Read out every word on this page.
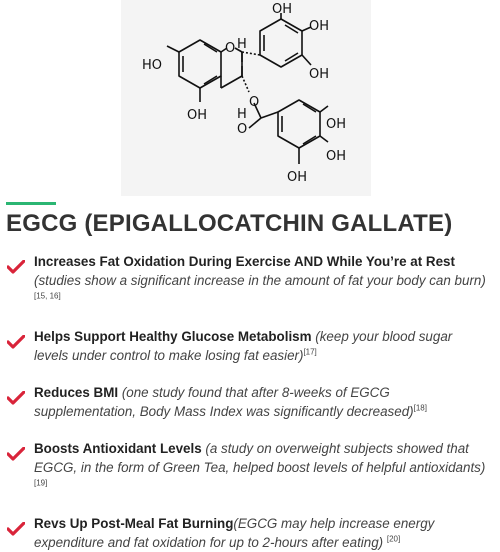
OH
OH
OH
HO
OH
H
H
O
O
O	OH
OH
OH
EGCG (EPIGALLOCATCHIN GALLATE)
Increases Fat Oxidation During Exercise AND While You’re at Rest (studies show a significant increase in the amount of fat your body can burn)[15, 16]
Helps Support Healthy Glucose Metabolism (keep your blood sugar levels under control to make losing fat easier)[17]
Reduces BMI (one study found that after 8-weeks of EGCG supplementation, Body Mass Index was significantly decreased)[18]
Boosts Antioxidant Levels (a study on overweight subjects showed that EGCG, in the form of Green Tea, helped boost levels of helpful antioxidants)[19]
Revs Up Post-Meal Fat Burning(EGCG may help increase energy expenditure and fat oxidation for up to 2-hours after eating) [20]
